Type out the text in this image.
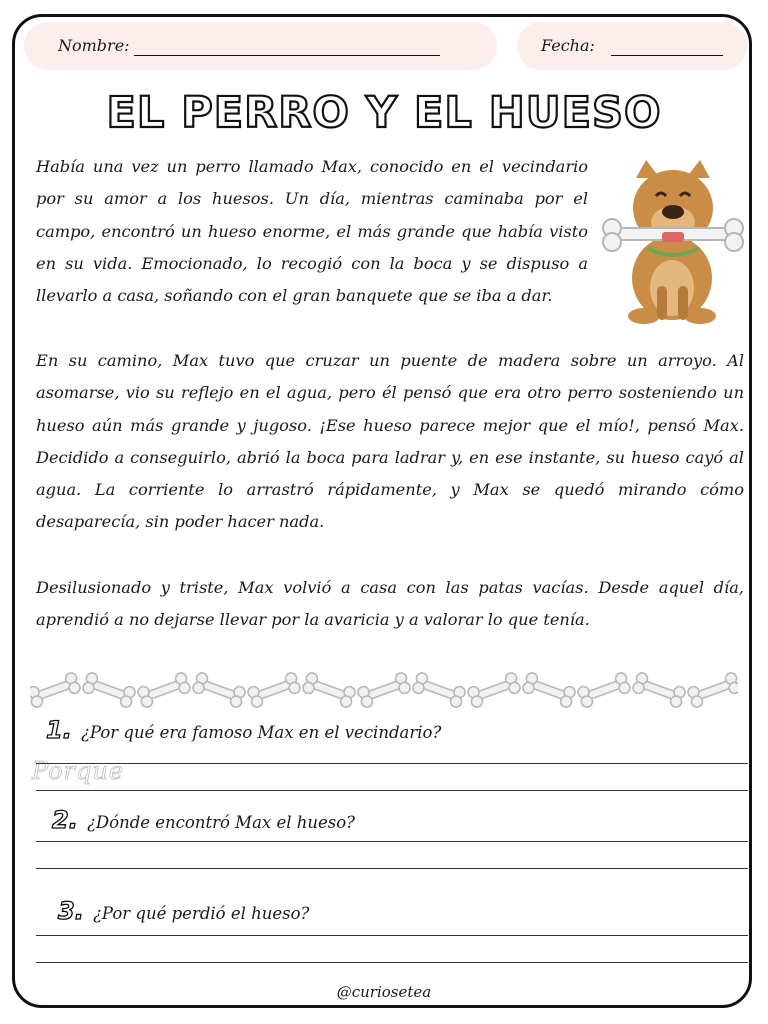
Nombre:	Fecha:
EL PERRO Y EL HUESO

Había una vez un perro llamado Max, conocido en el vecindario por su amor a los huesos. Un día, mientras caminaba por el campo, encontró un hueso enorme, el más grande que había visto en su vida. Emocionado, lo recogió con la boca y se dispuso a llevarlo a casa, soñando con el gran banquete que se iba a dar.

En su camino, Max tuvo que cruzar un puente de madera sobre un arroyo. Al asomarse, vio su reflejo en el agua, pero él pensó que era otro perro sosteniendo un hueso aún más grande y jugoso. ¡Ese hueso parece mejor que el mío!, pensó Max. Decidido a conseguirlo, abrió la boca para ladrar y, en ese instante, su hueso cayó al agua. La corriente lo arrastró rápidamente, y Max se quedó mirando cómo desaparecía, sin poder hacer nada.

Desilusionado y triste, Max volvió a casa con las patas vacías. Desde aquel día, aprendió a no dejarse llevar por la avaricia y a valorar lo que tenía.

1. ¿Por qué era famoso Max en el vecindario?
Porque
2. ¿Dónde encontró Max el hueso?
3. ¿Por qué perdió el hueso?
@curiosetea
